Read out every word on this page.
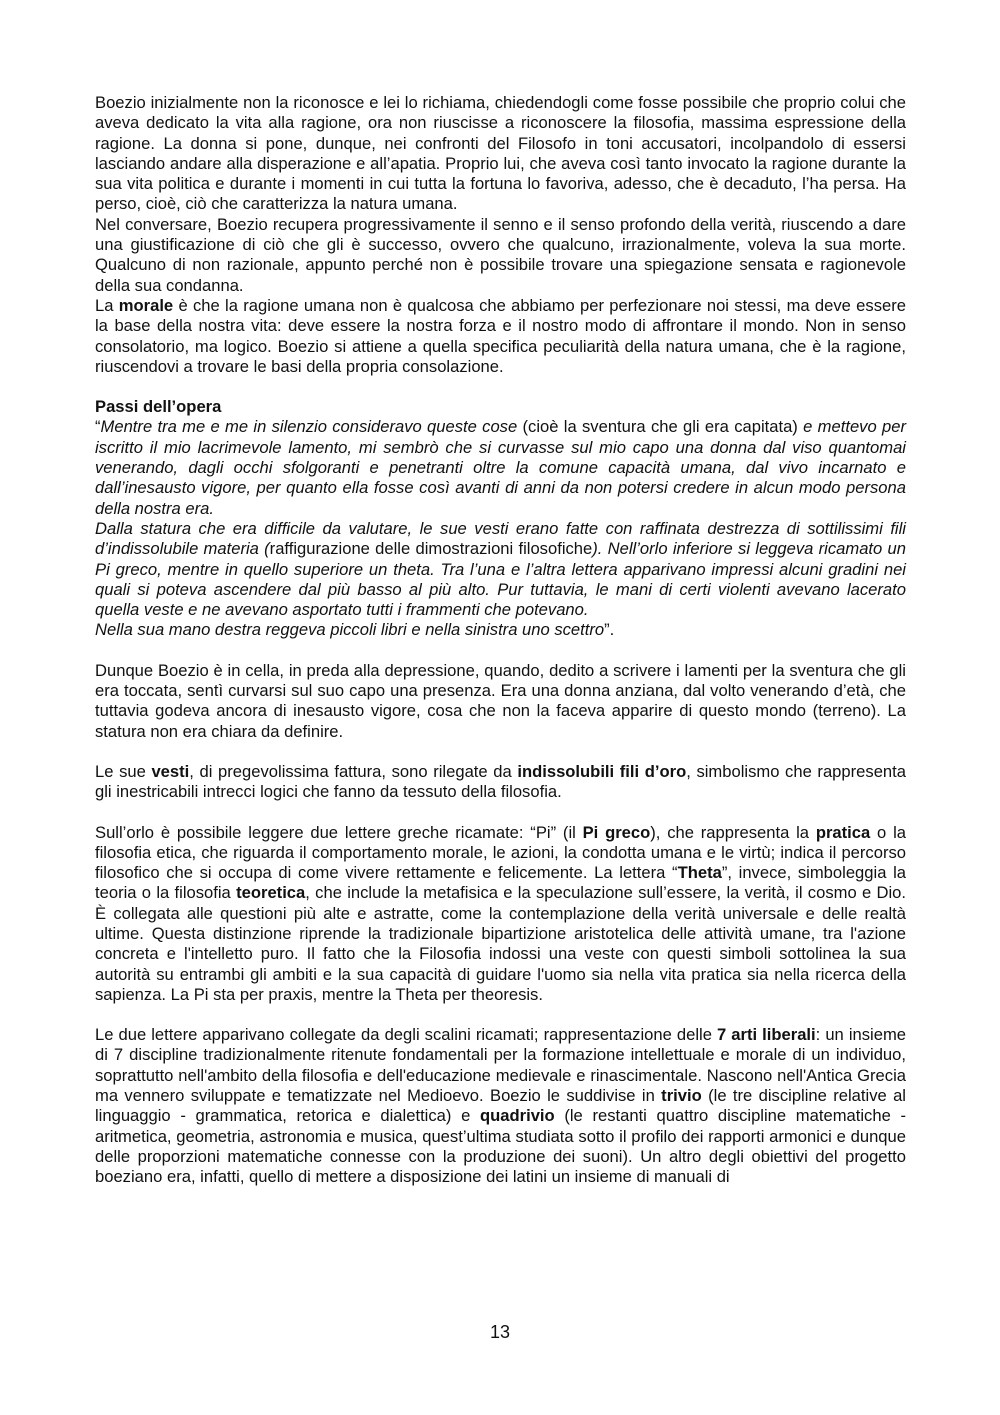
Boezio inizialmente non la riconosce e lei lo richiama, chiedendogli come fosse possibile che proprio colui che aveva dedicato la vita alla ragione, ora non riuscisse a riconoscere la filosofia, massima espressione della ragione. La donna si pone, dunque, nei confronti del Filosofo in toni accusatori, incolpandolo di essersi lasciando andare alla disperazione e all’apatia. Proprio lui, che aveva così tanto invocato la ragione durante la sua vita politica e durante i momenti in cui tutta la fortuna lo favoriva, adesso, che è decaduto, l’ha persa. Ha perso, cioè, ciò che caratterizza la natura umana.

Nel conversare, Boezio recupera progressivamente il senno e il senso profondo della verità, riuscendo a dare una giustificazione di ciò che gli è successo, ovvero che qualcuno, irrazionalmente, voleva la sua morte. Qualcuno di non razionale, appunto perché non è possibile trovare una spiegazione sensata e ragionevole della sua condanna.

La morale è che la ragione umana non è qualcosa che abbiamo per perfezionare noi stessi, ma deve essere la base della nostra vita: deve essere la nostra forza e il nostro modo di affrontare il mondo. Non in senso consolatorio, ma logico. Boezio si attiene a quella specifica peculiarità della natura umana, che è la ragione, riuscendovi a trovare le basi della propria consolazione.

Passi dell’opera

“Mentre tra me e me in silenzio consideravo queste cose (cioè la sventura che gli era capitata) e mettevo per iscritto il mio lacrimevole lamento, mi sembrò che si curvasse sul mio capo una donna dal viso quantomai venerando, dagli occhi sfolgoranti e penetranti oltre la comune capacità umana, dal vivo incarnato e dall’inesausto vigore, per quanto ella fosse così avanti di anni da non potersi credere in alcun modo persona della nostra era.

Dalla statura che era difficile da valutare, le sue vesti erano fatte con raffinata destrezza di sottilissimi fili d’indissolubile materia (raffigurazione delle dimostrazioni filosofiche). Nell’orlo inferiore si leggeva ricamato un Pi greco, mentre in quello superiore un theta. Tra l’una e l’altra lettera apparivano impressi alcuni gradini nei quali si poteva ascendere dal più basso al più alto. Pur tuttavia, le mani di certi violenti avevano lacerato quella veste e ne avevano asportato tutti i frammenti che potevano.

Nella sua mano destra reggeva piccoli libri e nella sinistra uno scettro”.

Dunque Boezio è in cella, in preda alla depressione, quando, dedito a scrivere i lamenti per la sventura che gli era toccata, sentì curvarsi sul suo capo una presenza. Era una donna anziana, dal volto venerando d’età, che tuttavia godeva ancora di inesausto vigore, cosa che non la faceva apparire di questo mondo (terreno). La statura non era chiara da definire.

Le sue vesti, di pregevolissima fattura, sono rilegate da indissolubili fili d’oro, simbolismo che rappresenta gli inestricabili intrecci logici che fanno da tessuto della filosofia.

Sull’orlo è possibile leggere due lettere greche ricamate: “Pi” (il Pi greco), che rappresenta la pratica o la filosofia etica, che riguarda il comportamento morale, le azioni, la condotta umana e le virtù; indica il percorso filosofico che si occupa di come vivere rettamente e felicemente. La lettera “Theta”, invece, simboleggia la teoria o la filosofia teoretica, che include la metafisica e la speculazione sull’essere, la verità, il cosmo e Dio. È collegata alle questioni più alte e astratte, come la contemplazione della verità universale e delle realtà ultime. Questa distinzione riprende la tradizionale bipartizione aristotelica delle attività umane, tra l'azione concreta e l'intelletto puro. Il fatto che la Filosofia indossi una veste con questi simboli sottolinea la sua autorità su entrambi gli ambiti e la sua capacità di guidare l'uomo sia nella vita pratica sia nella ricerca della sapienza. La Pi sta per praxis, mentre la Theta per theoresis.

Le due lettere apparivano collegate da degli scalini ricamati; rappresentazione delle 7 arti liberali: un insieme di 7 discipline tradizionalmente ritenute fondamentali per la formazione intellettuale e morale di un individuo, soprattutto nell'ambito della filosofia e dell'educazione medievale e rinascimentale. Nascono nell'Antica Grecia ma vennero sviluppate e tematizzate nel Medioevo. Boezio le suddivise in trivio (le tre discipline relative al linguaggio - grammatica, retorica e dialettica) e quadrivio (le restanti quattro discipline matematiche - aritmetica, geometria, astronomia e musica, quest’ultima studiata sotto il profilo dei rapporti armonici e dunque delle proporzioni matematiche connesse con la produzione dei suoni). Un altro degli obiettivi del progetto boeziano era, infatti, quello di mettere a disposizione dei latini un insieme di manuali di

13
